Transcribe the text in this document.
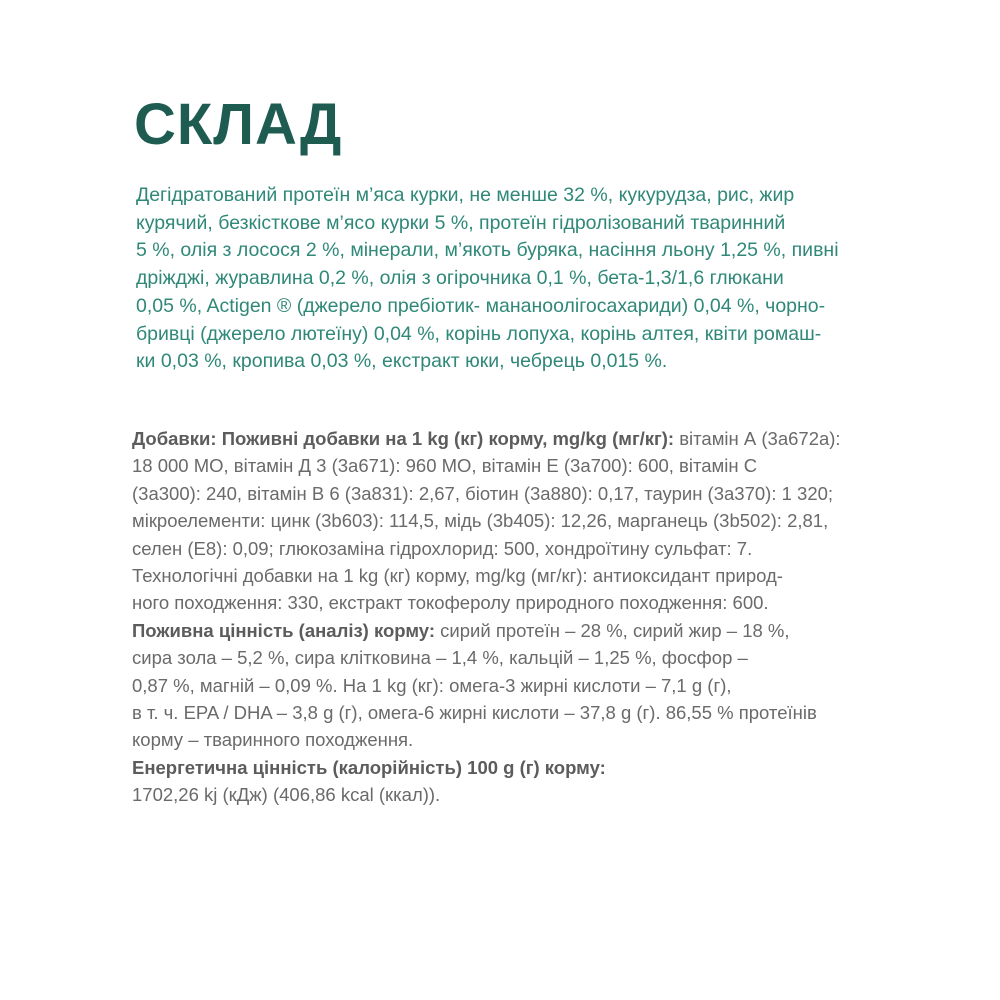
СКЛАД
Дегідратований протеїн м’яса курки, не менше 32 %, кукурудза, рис, жир
курячий, безкісткове м’ясо курки 5 %, протеїн гідролізований тваринний
5 %, олія з лосося 2 %, мінерали, м’якоть буряка, насіння льону 1,25 %, пивні
дріжджі, журавлина 0,2 %, олія з огірочника 0,1 %, бета-1,3/1,6 глюкани
0,05 %, Actigen ® (джерело пребіотик- мананоолігосахариди) 0,04 %, чорно-
бривці (джерело лютеїну) 0,04 %, корінь лопуха, корінь алтея, квіти ромаш-
ки 0,03 %, кропива 0,03 %, екстракт юки, чебрець 0,015 %.
Добавки: Поживні добавки на 1 kg (кг) корму, mg/kg (мг/кг): вітамін А (3a672a):
18 000 МО, вітамін Д 3 (3a671): 960 МО, вітамін Е (3a700): 600, вітамін С
(3a300): 240, вітамін В 6 (3a831): 2,67, біотин (3a880): 0,17, таурин (3a370): 1 320;
мікроелементи: цинк (3b603): 114,5, мідь (3b405): 12,26, марганець (3b502): 2,81,
селен (E8): 0,09; глюкозаміна гідрохлорид: 500, хондроїтину сульфат: 7.
Технологічні добавки на 1 kg (кг) корму, mg/kg (мг/кг): антиоксидант природ-
ного походження: 330, екстракт токоферолу природного походження: 600.
Поживна цінність (аналіз) корму: сирий протеїн – 28 %, сирий жир – 18 %,
сира зола – 5,2 %, сира клітковина – 1,4 %, кальцій – 1,25 %, фосфор –
0,87 %, магній – 0,09 %. На 1 kg (кг): омега-3 жирні кислоти – 7,1 g (г),
в т. ч. EPA / DHA – 3,8 g (г), омега-6 жирні кислоти – 37,8 g (г). 86,55 % протеїнів
корму – тваринного походження.
Енергетична цінність (калорійність) 100 g (г) корму:
1702,26 kj (кДж) (406,86 kcal (ккал)).
